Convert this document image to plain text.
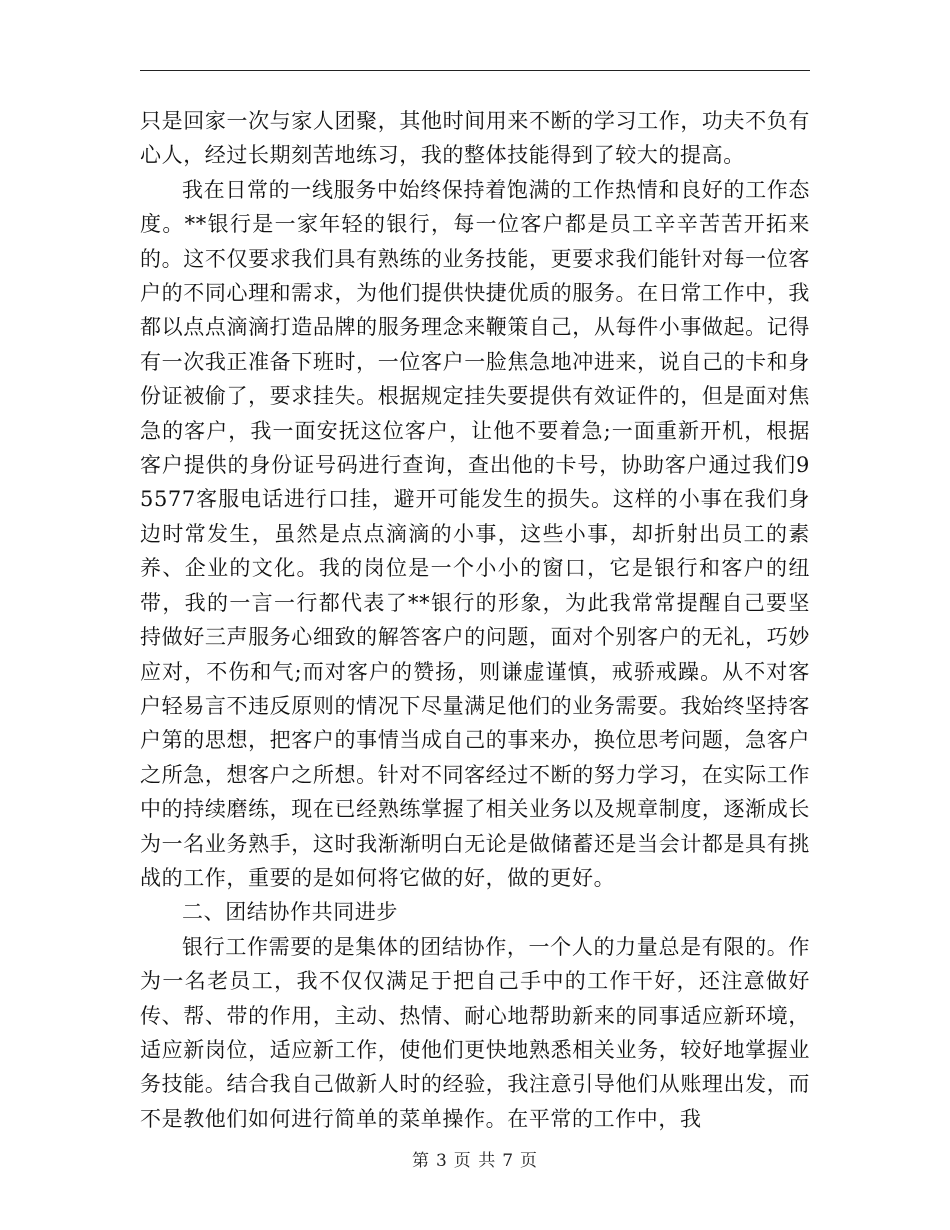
只是回家一次与家人团聚，其他时间用来不断的学习工作，功夫不负有心人，经过长期刻苦地练习，我的整体技能得到了较大的提高。

我在日常的一线服务中始终保持着饱满的工作热情和良好的工作态度。**银行是一家年轻的银行，每一位客户都是员工辛辛苦苦开拓来的。这不仅要求我们具有熟练的业务技能，更要求我们能针对每一位客户的不同心理和需求，为他们提供快捷优质的服务。在日常工作中，我都以点点滴滴打造品牌的服务理念来鞭策自己，从每件小事做起。记得有一次我正准备下班时，一位客户一脸焦急地冲进来，说自己的卡和身份证被偷了，要求挂失。根据规定挂失要提供有效证件的，但是面对焦急的客户，我一面安抚这位客户，让他不要着急;一面重新开机，根据客户提供的身份证号码进行查询，查出他的卡号，协助客户通过我们95577客服电话进行口挂，避开可能发生的损失。这样的小事在我们身边时常发生，虽然是点点滴滴的小事，这些小事，却折射出员工的素养、企业的文化。我的岗位是一个小小的窗口，它是银行和客户的纽带，我的一言一行都代表了**银行的形象，为此我常常提醒自己要坚持做好三声服务心细致的解答客户的问题，面对个别客户的无礼，巧妙应对，不伤和气;而对客户的赞扬，则谦虚谨慎，戒骄戒躁。从不对客户轻易言不违反原则的情况下尽量满足他们的业务需要。我始终坚持客户第的思想，把客户的事情当成自己的事来办，换位思考问题，急客户之所急，想客户之所想。针对不同客经过不断的努力学习，在实际工作中的持续磨练，现在已经熟练掌握了相关业务以及规章制度，逐渐成长为一名业务熟手，这时我渐渐明白无论是做储蓄还是当会计都是具有挑战的工作，重要的是如何将它做的好，做的更好。

二、团结协作共同进步

银行工作需要的是集体的团结协作，一个人的力量总是有限的。作为一名老员工，我不仅仅满足于把自己手中的工作干好，还注意做好传、帮、带的作用，主动、热情、耐心地帮助新来的同事适应新环境，适应新岗位，适应新工作，使他们更快地熟悉相关业务，较好地掌握业务技能。结合我自己做新人时的经验，我注意引导他们从账理出发，而不是教他们如何进行简单的菜单操作。在平常的工作中，我

第 3 页 共 7 页
